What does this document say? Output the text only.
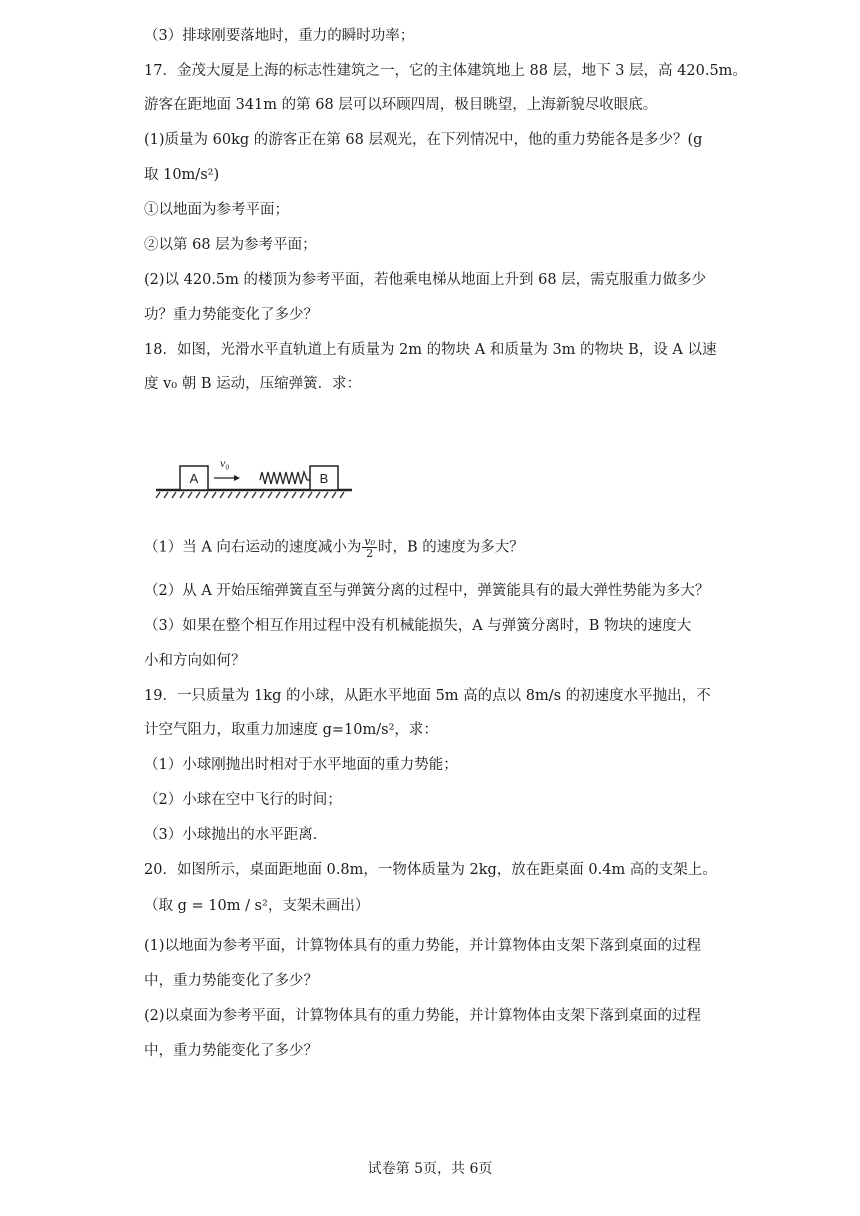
（3）排球刚要落地时，重力的瞬时功率；
17．金茂大厦是上海的标志性建筑之一，它的主体建筑地上 88 层，地下 3 层，高 420.5m。
游客在距地面 341m 的第 68 层可以环顾四周，极目眺望，上海新貌尽收眼底。
(1)质量为 60kg 的游客正在第 68 层观光，在下列情况中，他的重力势能各是多少？(g
取 10m/s²)
①以地面为参考平面；
②以第 68 层为参考平面；
(2)以 420.5m 的楼顶为参考平面，若他乘电梯从地面上升到 68 层，需克服重力做多少
功？重力势能变化了多少？
18．如图，光滑水平直轨道上有质量为 2m 的物块 A 和质量为 3m 的物块 B，设 A 以速
度 v₀ 朝 B 运动，压缩弹簧．求：
A
v₀
B
（1）当 A 向右运动的速度减小为 $\frac{\text{v₀}}{2}$ 时，B 的速度为多大？
（2）从 A 开始压缩弹簧直至与弹簧分离的过程中，弹簧能具有的最大弹性势能为多大？
（3）如果在整个相互作用过程中没有机械能损失，A 与弹簧分离时，B 物块的速度大
小和方向如何？
19．一只质量为 1kg 的小球，从距水平地面 5m 高的点以 8m/s 的初速度水平抛出，不
计空气阻力，取重力加速度 g=10m/s²，求：
（1）小球刚抛出时相对于水平地面的重力势能；
（2）小球在空中飞行的时间；
（3）小球抛出的水平距离．
20．如图所示，桌面距地面 0.8m，一物体质量为 2kg，放在距桌面 0.4m 高的支架上。
（取 g = 10m / s²，支架未画出）
(1)以地面为参考平面，计算物体具有的重力势能，并计算物体由支架下落到桌面的过程
中，重力势能变化了多少？
(2)以桌面为参考平面，计算物体具有的重力势能，并计算物体由支架下落到桌面的过程
中，重力势能变化了多少？
试卷第 5页，共 6页
